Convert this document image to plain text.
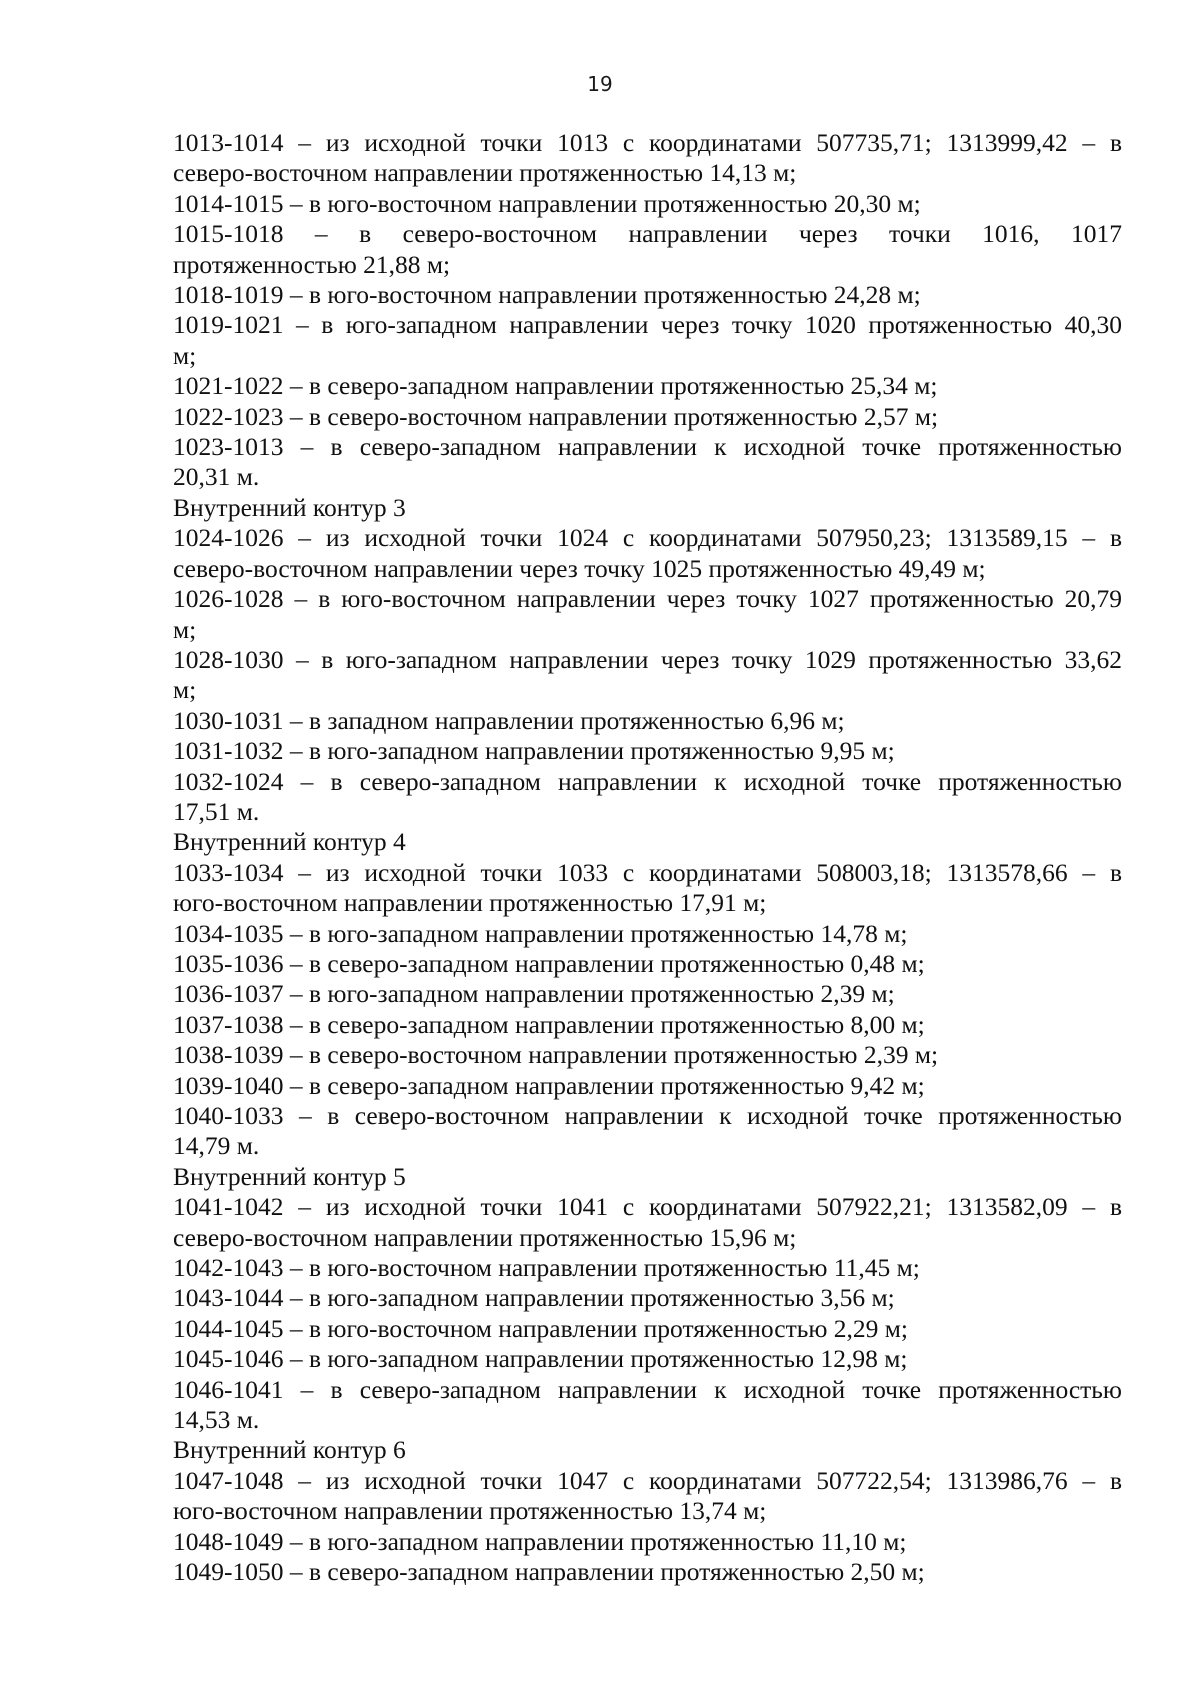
19
1013-1014 – из исходной точки 1013 с координатами 507735,71; 1313999,42 – в
северо-восточном направлении протяженностью 14,13 м;
1014-1015 – в юго-восточном направлении протяженностью 20,30 м;
1015-1018 – в северо-восточном направлении через точки 1016, 1017
протяженностью 21,88 м;
1018-1019 – в юго-восточном направлении протяженностью 24,28 м;
1019-1021 – в юго-западном направлении через точку 1020 протяженностью 40,30
м;
1021-1022 – в северо-западном направлении протяженностью 25,34 м;
1022-1023 – в северо-восточном направлении протяженностью 2,57 м;
1023-1013 – в северо-западном направлении к исходной точке протяженностью
20,31 м.
Внутренний контур 3
1024-1026 – из исходной точки 1024 с координатами 507950,23; 1313589,15 – в
северо-восточном направлении через точку 1025 протяженностью 49,49 м;
1026-1028 – в юго-восточном направлении через точку 1027 протяженностью 20,79
м;
1028-1030 – в юго-западном направлении через точку 1029 протяженностью 33,62
м;
1030-1031 – в западном направлении протяженностью 6,96 м;
1031-1032 – в юго-западном направлении протяженностью 9,95 м;
1032-1024 – в северо-западном направлении к исходной точке протяженностью
17,51 м.
Внутренний контур 4
1033-1034 – из исходной точки 1033 с координатами 508003,18; 1313578,66 – в
юго-восточном направлении протяженностью 17,91 м;
1034-1035 – в юго-западном направлении протяженностью 14,78 м;
1035-1036 – в северо-западном направлении протяженностью 0,48 м;
1036-1037 – в юго-западном направлении протяженностью 2,39 м;
1037-1038 – в северо-западном направлении протяженностью 8,00 м;
1038-1039 – в северо-восточном направлении протяженностью 2,39 м;
1039-1040 – в северо-западном направлении протяженностью 9,42 м;
1040-1033 – в северо-восточном направлении к исходной точке протяженностью
14,79 м.
Внутренний контур 5
1041-1042 – из исходной точки 1041 с координатами 507922,21; 1313582,09 – в
северо-восточном направлении протяженностью 15,96 м;
1042-1043 – в юго-восточном направлении протяженностью 11,45 м;
1043-1044 – в юго-западном направлении протяженностью 3,56 м;
1044-1045 – в юго-восточном направлении протяженностью 2,29 м;
1045-1046 – в юго-западном направлении протяженностью 12,98 м;
1046-1041 – в северо-западном направлении к исходной точке протяженностью
14,53 м.
Внутренний контур 6
1047-1048 – из исходной точки 1047 с координатами 507722,54; 1313986,76 – в
юго-восточном направлении протяженностью 13,74 м;
1048-1049 – в юго-западном направлении протяженностью 11,10 м;
1049-1050 – в северо-западном направлении протяженностью 2,50 м;
